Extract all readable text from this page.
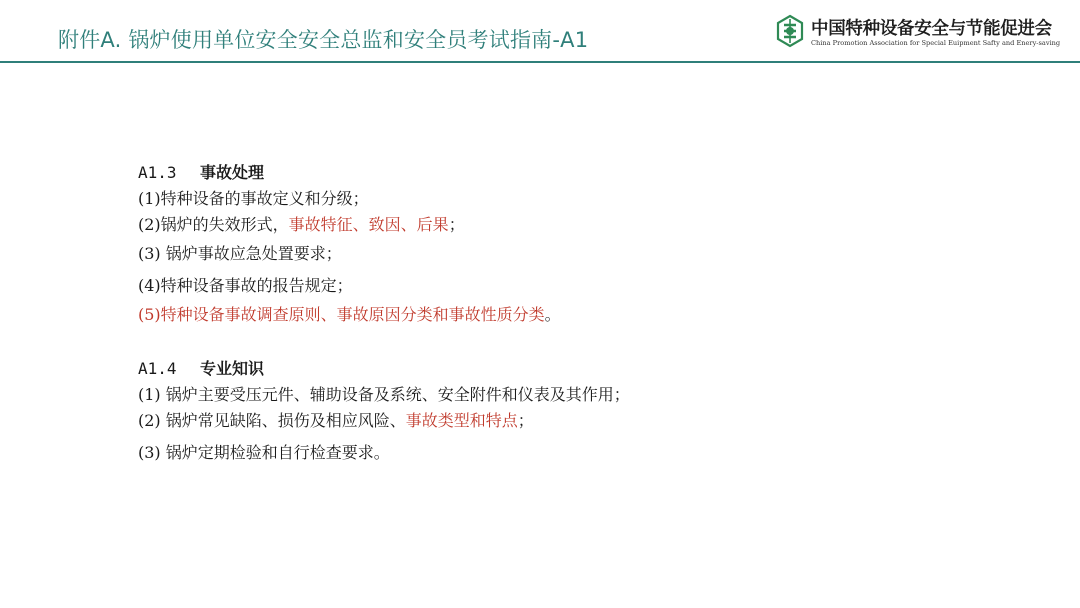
附件A. 锅炉使用单位安全安全总监和安全员考试指南-A1	中国特种设备安全与节能促进会
China Promotion Association for Special Euipment Safty and Enery-saving
A1.3 事故处理
(1)特种设备的事故定义和分级；
(2)锅炉的失效形式，事故特征、致因、后果；
(3) 锅炉事故应急处置要求；
(4)特种设备事故的报告规定；
(5)特种设备事故调查原则、事故原因分类和事故性质分类。
A1.4 专业知识
(1) 锅炉主要受压元件、辅助设备及系统、安全附件和仪表及其作用；
(2) 锅炉常见缺陷、损伤及相应风险、事故类型和特点；
(3) 锅炉定期检验和自行检查要求。
